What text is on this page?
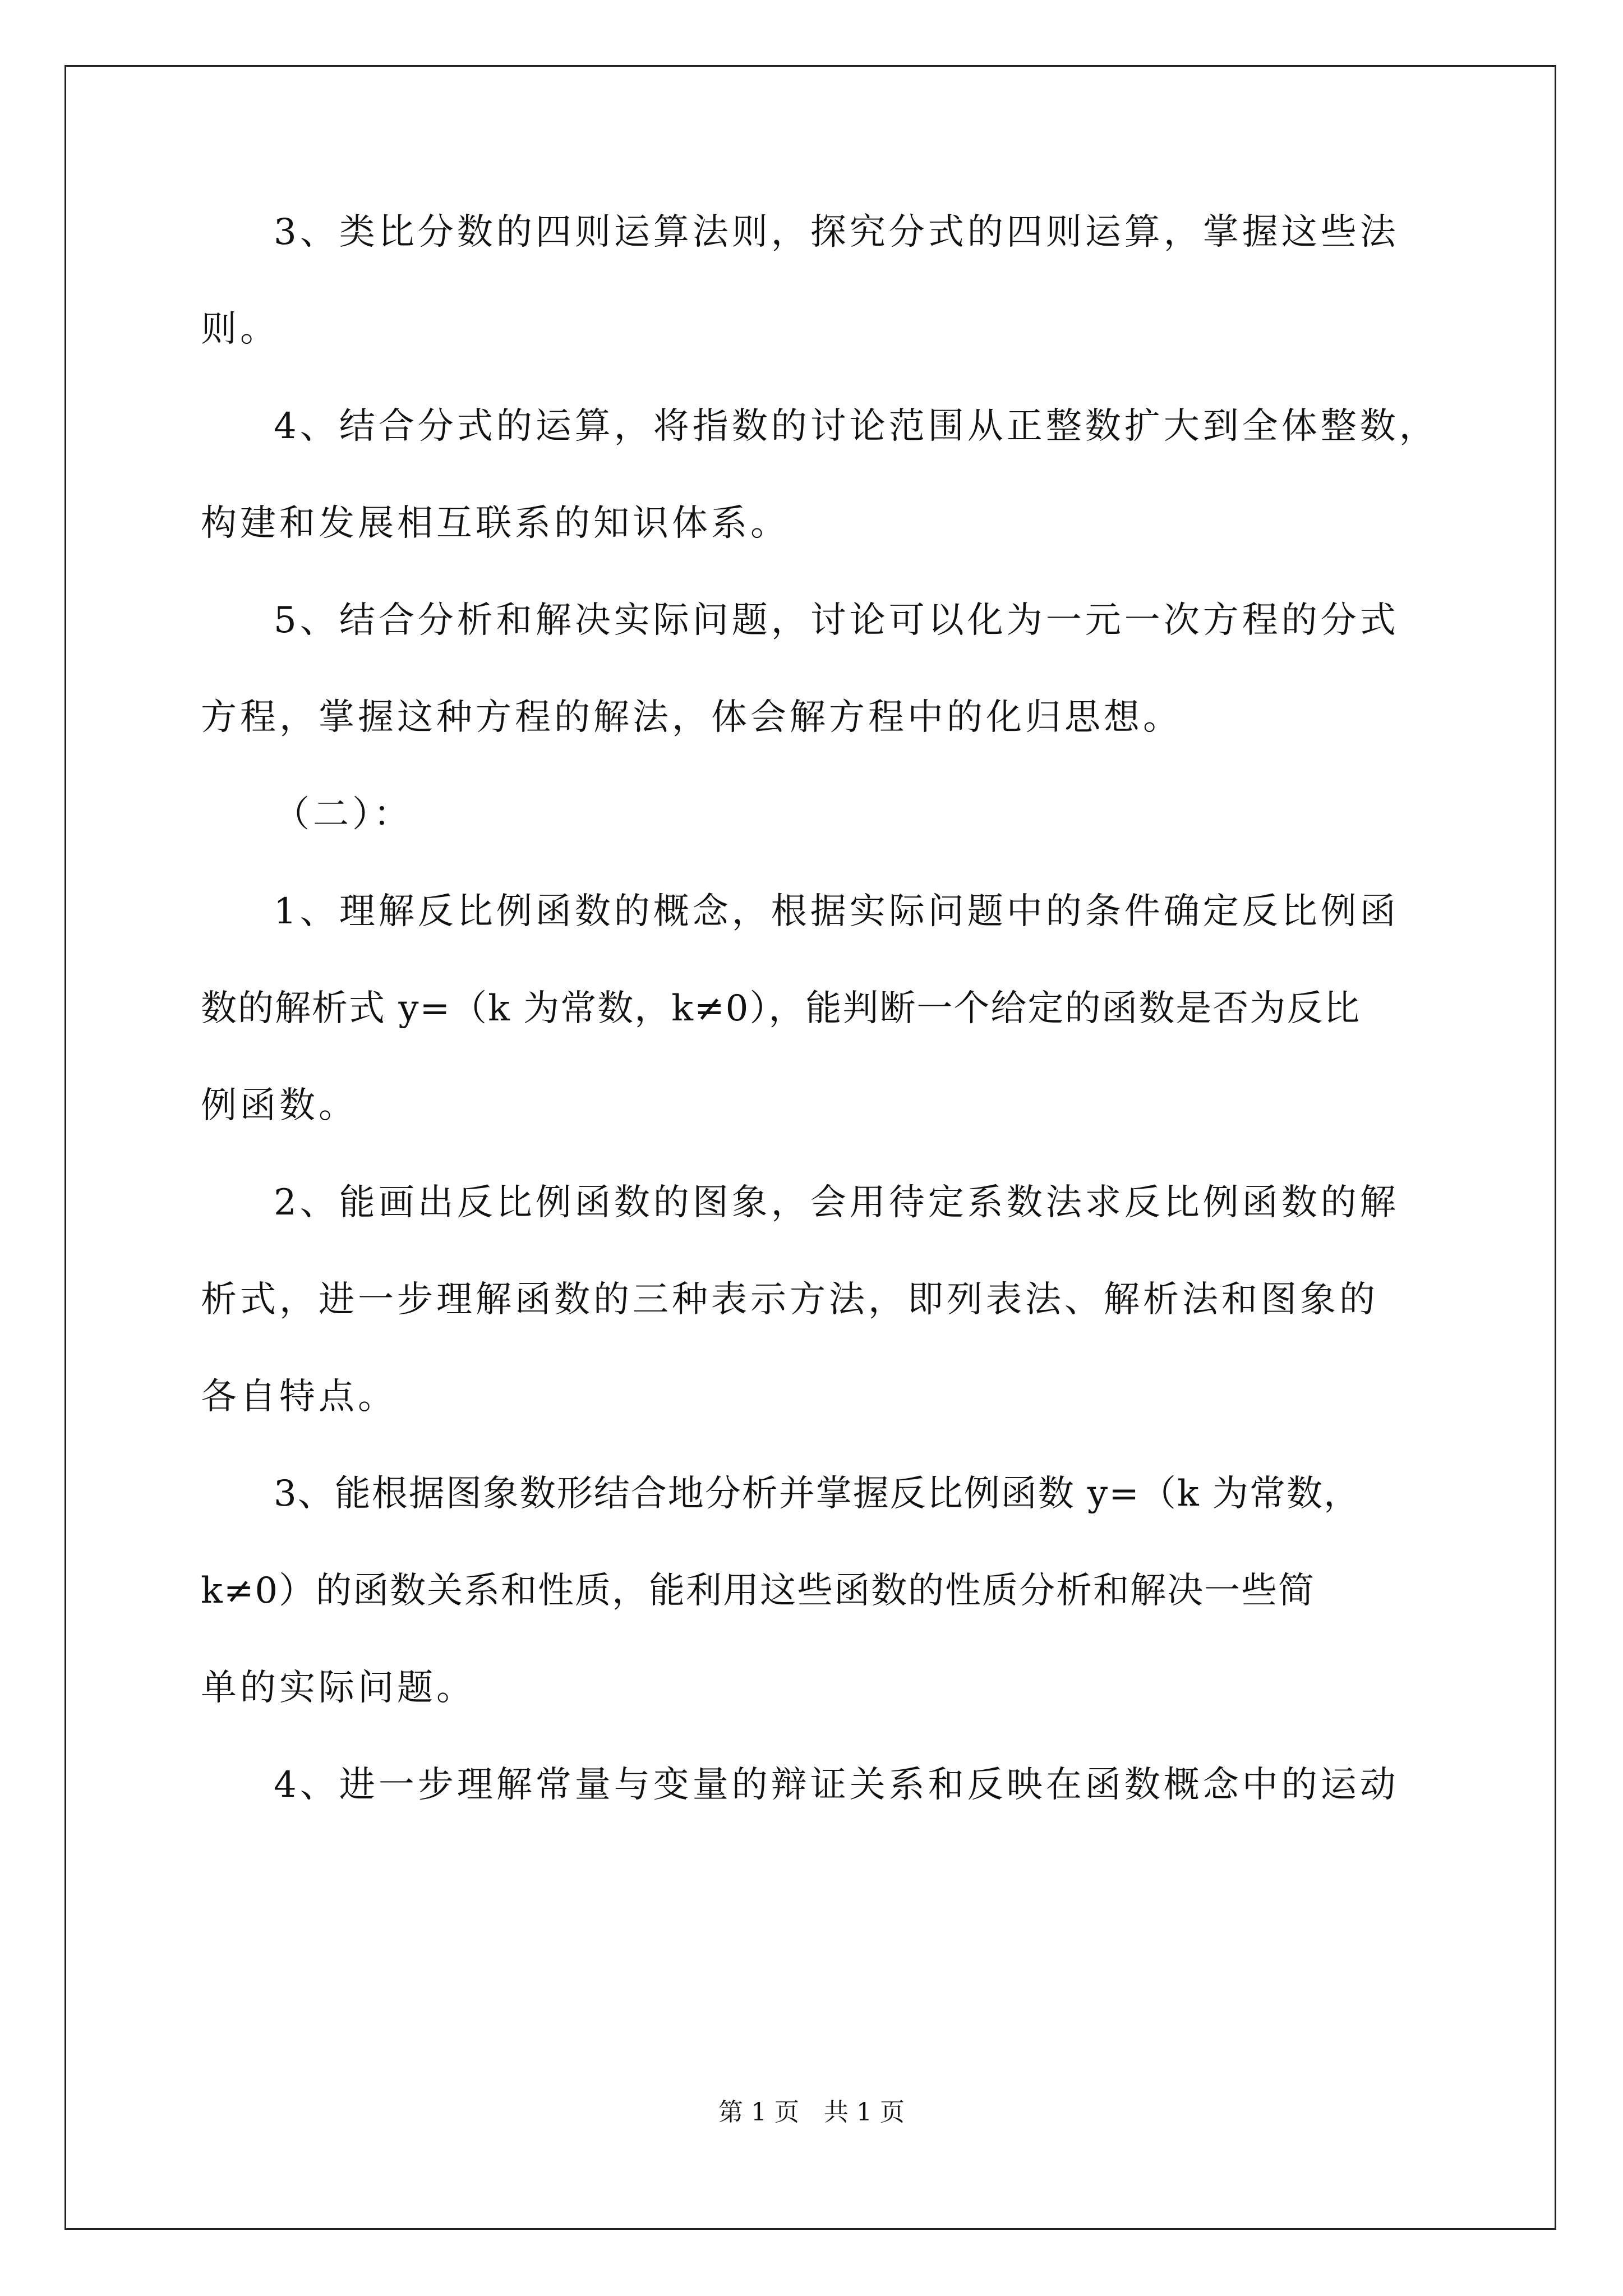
3、类比分数的四则运算法则，探究分式的四则运算，掌握这些法
则。
4、结合分式的运算，将指数的讨论范围从正整数扩大到全体整数，
构建和发展相互联系的知识体系。
5、结合分析和解决实际问题，讨论可以化为一元一次方程的分式
方程，掌握这种方程的解法，体会解方程中的化归思想。
（二）：
1、理解反比例函数的概念，根据实际问题中的条件确定反比例函
数的解析式 y=（k 为常数，k≠0），能判断一个给定的函数是否为反比
例函数。
2、能画出反比例函数的图象，会用待定系数法求反比例函数的解
析式，进一步理解函数的三种表示方法，即列表法、解析法和图象的
各自特点。
3、能根据图象数形结合地分析并掌握反比例函数 y=（k 为常数，
k≠0）的函数关系和性质，能利用这些函数的性质分析和解决一些简
单的实际问题。
4、进一步理解常量与变量的辩证关系和反映在函数概念中的运动
第 1 页　共 1 页
